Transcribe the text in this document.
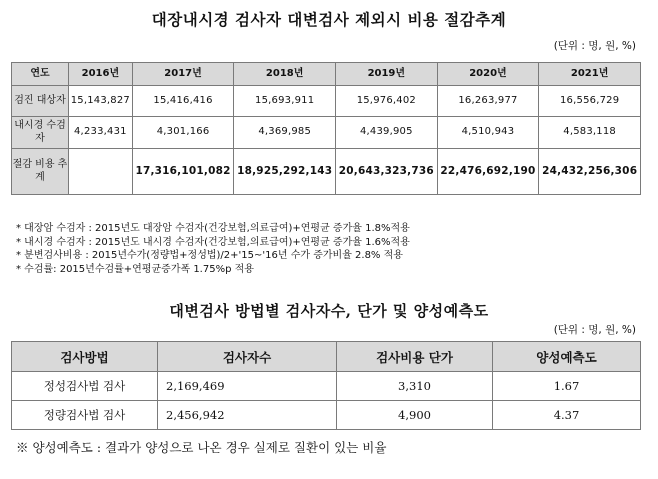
대장내시경 검사자 대변검사 제외시 비용 절감추계
(단위 : 명, 원, %)
연도	2016년	2017년	2018년	2019년	2020년	2021년
검진 대상자	15,143,827	15,416,416	15,693,911	15,976,402	16,263,977	16,556,729
내시경 수검자	4,233,431	4,301,166	4,369,985	4,439,905	4,510,943	4,583,118
절감 비용 추계		17,316,101,082	18,925,292,143	20,643,323,736	22,476,692,190	24,432,256,306
* 대장암 수검자 : 2015년도 대장암 수검자(건강보험,의료급여)+연평균 증가율 1.8%적용
* 내시경 수검자 : 2015년도 내시경 수검자(건강보험,의료급여)+연평균 증가율 1.6%적용
* 분변검사비용 : 2015년수가(정량법+정성법)/2+'15~'16년 수가 증가비율 2.8% 적용
* 수검률: 2015년수검률+연평균증가폭 1.75%p 적용
대변검사 방법별 검사자수, 단가 및 양성예측도
(단위 : 명, 원, %)
검사방법	검사자수	검사비용 단가	양성예측도
정성검사법 검사	2,169,469	3,310	1.67
정량검사법 검사	2,456,942	4,900	4.37
※ 양성예측도 : 결과가 양성으로 나온 경우 실제로 질환이 있는 비율
